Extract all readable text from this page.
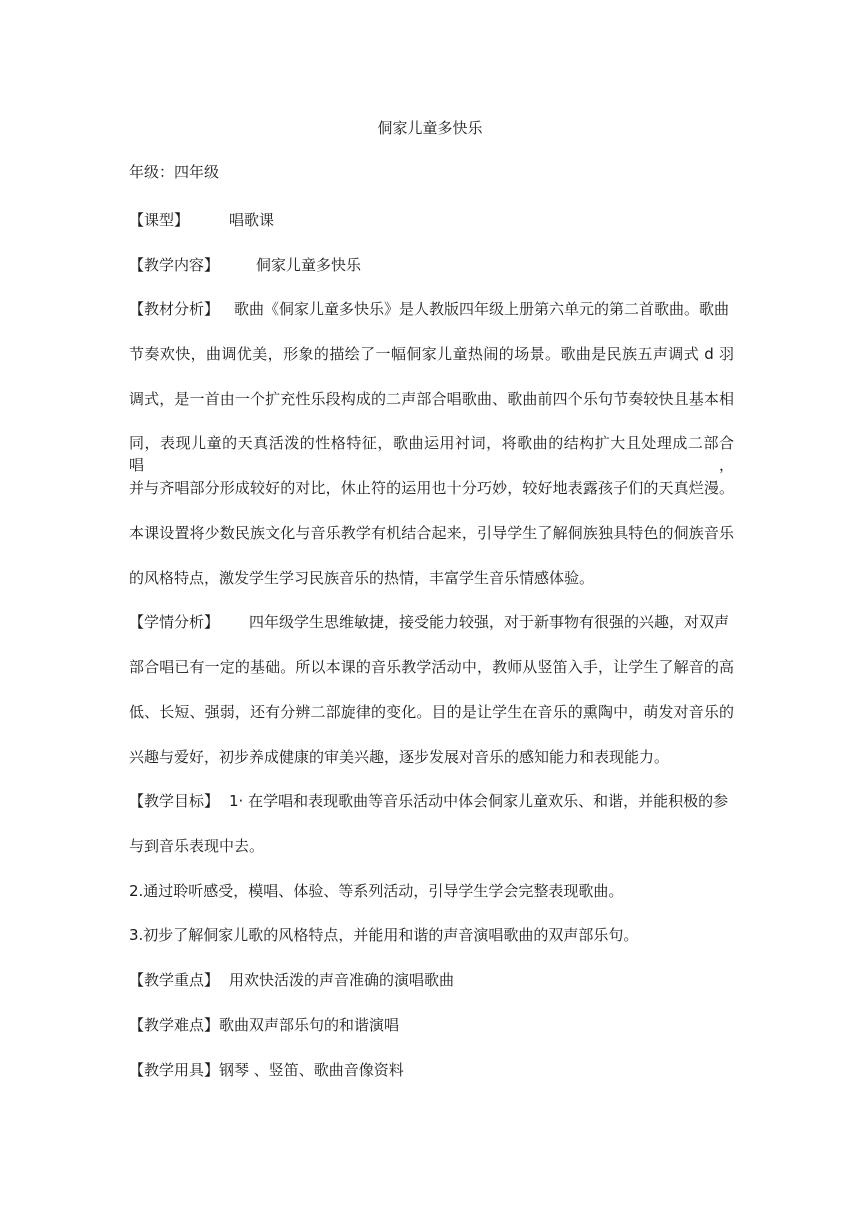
侗家儿童多快乐
年级：四年级
【课型】	唱歌课
【教学内容】 侗家儿童多快乐
【教材分析】 歌曲《侗家儿童多快乐》是人教版四年级上册第六单元的第二首歌曲。歌曲
节奏欢快，曲调优美，形象的描绘了一幅侗家儿童热闹的场景。歌曲是民族五声调式 d 羽
调式，是一首由一个扩充性乐段构成的二声部合唱歌曲、歌曲前四个乐句节奏较快且基本相
同，表现儿童的天真活泼的性格特征，歌曲运用衬词，将歌曲的结构扩大且处理成二部合唱，
并与齐唱部分形成较好的对比，休止符的运用也十分巧妙，较好地表露孩子们的天真烂漫。
本课设置将少数民族文化与音乐教学有机结合起来，引导学生了解侗族独具特色的侗族音乐
的风格特点，激发学生学习民族音乐的热情，丰富学生音乐情感体验。
【学情分析】 四年级学生思维敏捷，接受能力较强，对于新事物有很强的兴趣，对双声
部合唱已有一定的基础。所以本课的音乐教学活动中，教师从竖笛入手，让学生了解音的高
低、长短、强弱，还有分辨二部旋律的变化。目的是让学生在音乐的熏陶中，萌发对音乐的
兴趣与爱好，初步养成健康的审美兴趣，逐步发展对音乐的感知能力和表现能力。
【教学目标】 1· 在学唱和表现歌曲等音乐活动中体会侗家儿童欢乐、和谐，并能积极的参
与到音乐表现中去。
2.通过聆听感受，模唱、体验、等系列活动，引导学生学会完整表现歌曲。
3.初步了解侗家儿歌的风格特点，并能用和谐的声音演唱歌曲的双声部乐句。
【教学重点】 用欢快活泼的声音准确的演唱歌曲
【教学难点】歌曲双声部乐句的和谐演唱
【教学用具】钢琴 、竖笛、歌曲音像资料
